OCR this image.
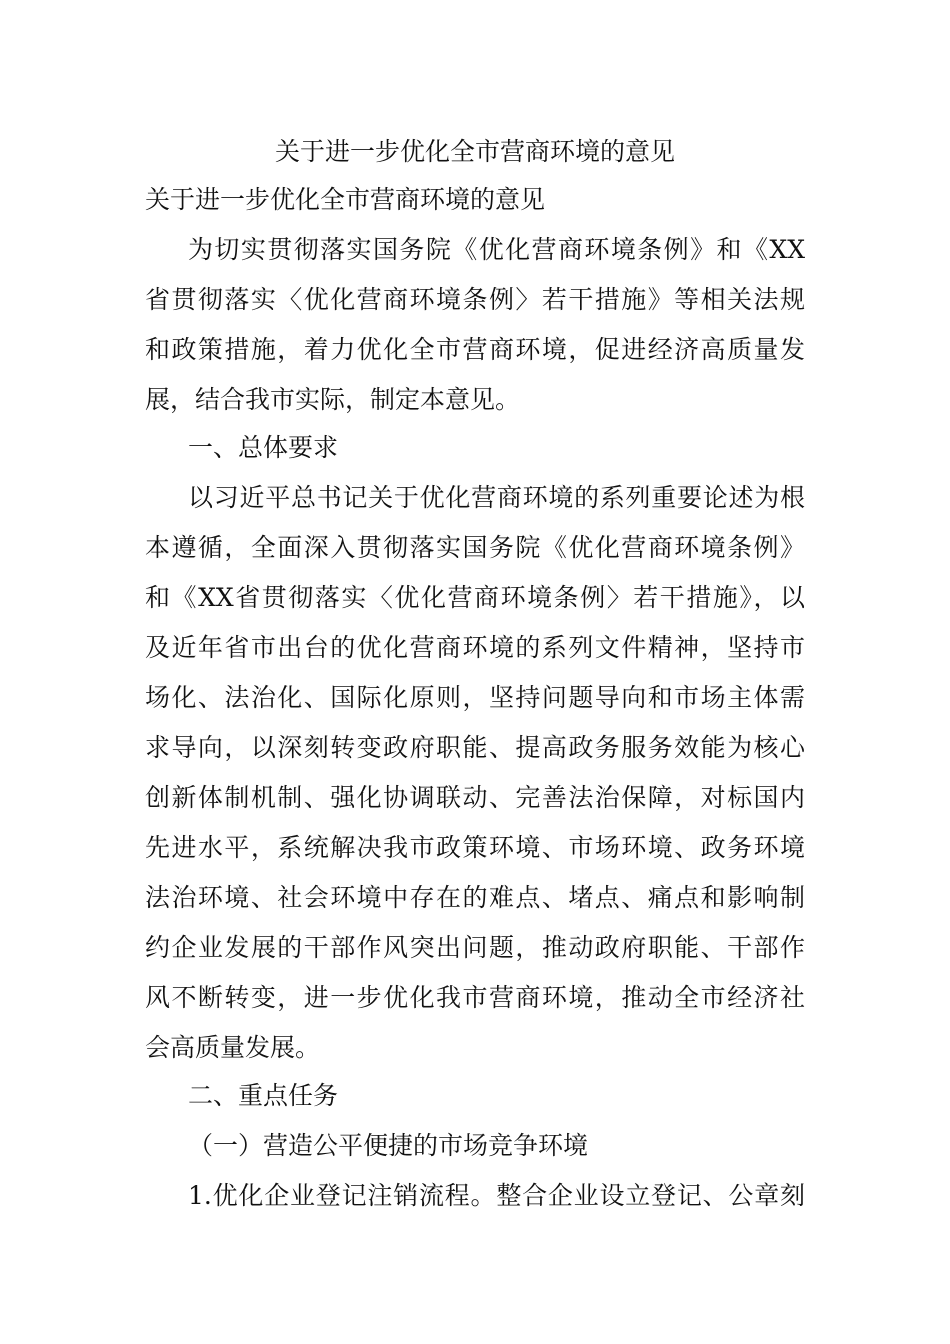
关于进一步优化全市营商环境的意见
关于进一步优化全市营商环境的意见
为切实贯彻落实国务院《优化营商环境条例》和《XX
省贯彻落实〈优化营商环境条例〉若干措施》等相关法规
和政策措施，着力优化全市营商环境，促进经济高质量发
展，结合我市实际，制定本意见。
一、总体要求
以习近平总书记关于优化营商环境的系列重要论述为根
本遵循，全面深入贯彻落实国务院《优化营商环境条例》
和《XX省贯彻落实〈优化营商环境条例〉若干措施》，以
及近年省市出台的优化营商环境的系列文件精神，坚持市
场化、法治化、国际化原则，坚持问题导向和市场主体需
求导向，以深刻转变政府职能、提高政务服务效能为核心
创新体制机制、强化协调联动、完善法治保障，对标国内
先进水平，系统解决我市政策环境、市场环境、政务环境
法治环境、社会环境中存在的难点、堵点、痛点和影响制
约企业发展的干部作风突出问题，推动政府职能、干部作
风不断转变，进一步优化我市营商环境，推动全市经济社
会高质量发展。
二、重点任务
（一）营造公平便捷的市场竞争环境
1.优化企业登记注销流程。整合企业设立登记、公章刻
